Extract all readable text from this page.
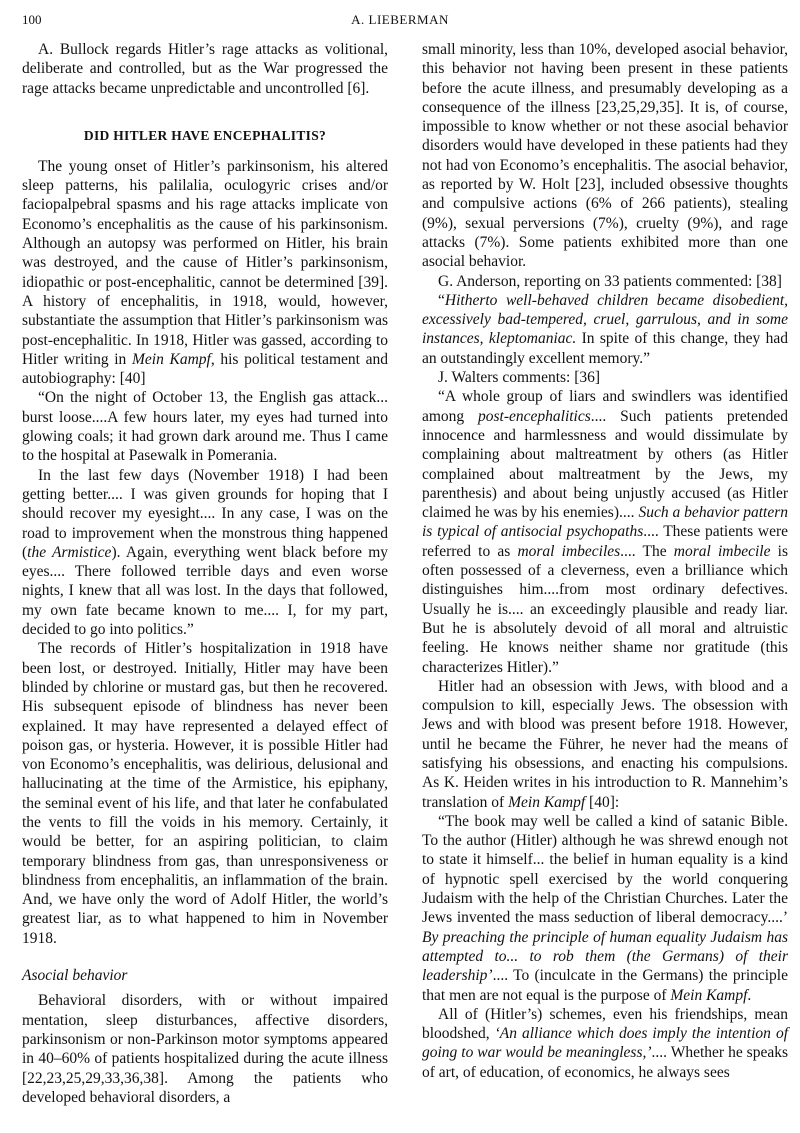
100	A. LIEBERMAN

A. Bullock regards Hitler’s rage attacks as volitional, deliberate and controlled, but as the War progressed the rage attacks became unpredictable and uncontrolled [6].

DID HITLER HAVE ENCEPHALITIS?

The young onset of Hitler’s parkinsonism, his altered sleep patterns, his palilalia, oculogyric crises and/or faciopalpebral spasms and his rage attacks implicate von Economo’s encephalitis as the cause of his parkinsonism. Although an autopsy was performed on Hitler, his brain was destroyed, and the cause of Hitler’s parkinsonism, idiopathic or post-encephalitic, cannot be determined [39]. A history of encephalitis, in 1918, would, however, substantiate the assumption that Hitler’s parkinsonism was post-encephalitic. In 1918, Hitler was gassed, according to Hitler writing in Mein Kampf, his political testament and autobiography: [40]

“On the night of October 13, the English gas attack... burst loose....A few hours later, my eyes had turned into glowing coals; it had grown dark around me. Thus I came to the hospital at Pasewalk in Pomerania.

In the last few days (November 1918) I had been getting better.... I was given grounds for hoping that I should recover my eyesight.... In any case, I was on the road to improvement when the monstrous thing happened (the Armistice). Again, everything went black before my eyes.... There followed terrible days and even worse nights, I knew that all was lost. In the days that followed, my own fate became known to me.... I, for my part, decided to go into politics.”

The records of Hitler’s hospitalization in 1918 have been lost, or destroyed. Initially, Hitler may have been blinded by chlorine or mustard gas, but then he recovered. His subsequent episode of blindness has never been explained. It may have represented a delayed effect of poison gas, or hysteria. However, it is possible Hitler had von Economo’s encephalitis, was delirious, delusional and hallucinating at the time of the Armistice, his epiphany, the seminal event of his life, and that later he confabulated the vents to fill the voids in his memory. Certainly, it would be better, for an aspiring politician, to claim temporary blindness from gas, than unresponsiveness or blindness from encephalitis, an inflammation of the brain. And, we have only the word of Adolf Hitler, the world’s greatest liar, as to what happened to him in November 1918.

Asocial behavior

Behavioral disorders, with or without impaired mentation, sleep disturbances, affective disorders, parkinsonism or non-Parkinson motor symptoms appeared in 40–60% of patients hospitalized during the acute illness [22,23,25,29,33,36,38]. Among the patients who developed behavioral disorders, a

small minority, less than 10%, developed asocial behavior, this behavior not having been present in these patients before the acute illness, and presumably developing as a consequence of the illness [23,25,29,35]. It is, of course, impossible to know whether or not these asocial behavior disorders would have developed in these patients had they not had von Economo’s encephalitis. The asocial behavior, as reported by W. Holt [23], included obsessive thoughts and compulsive actions (6% of 266 patients), stealing (9%), sexual perversions (7%), cruelty (9%), and rage attacks (7%). Some patients exhibited more than one asocial behavior.

G. Anderson, reporting on 33 patients commented: [38]

“Hitherto well-behaved children became disobedient, excessively bad-tempered, cruel, garrulous, and in some instances, kleptomaniac. In spite of this change, they had an outstandingly excellent memory.”

J. Walters comments: [36]

“A whole group of liars and swindlers was identified among post-encephalitics.... Such patients pretended innocence and harmlessness and would dissimulate by complaining about maltreatment by others (as Hitler complained about maltreatment by the Jews, my parenthesis) and about being unjustly accused (as Hitler claimed he was by his enemies).... Such a behavior pattern is typical of antisocial psychopaths.... These patients were referred to as moral imbeciles.... The moral imbecile is often possessed of a cleverness, even a brilliance which distinguishes him....from most ordinary defectives. Usually he is.... an exceedingly plausible and ready liar. But he is absolutely devoid of all moral and altruistic feeling. He knows neither shame nor gratitude (this characterizes Hitler).”

Hitler had an obsession with Jews, with blood and a compulsion to kill, especially Jews. The obsession with Jews and with blood was present before 1918. However, until he became the Führer, he never had the means of satisfying his obsessions, and enacting his compulsions. As K. Heiden writes in his introduction to R. Mannehim’s translation of Mein Kampf [40]:

“The book may well be called a kind of satanic Bible. To the author (Hitler) although he was shrewd enough not to state it himself... the belief in human equality is a kind of hypnotic spell exercised by the world conquering Judaism with the help of the Christian Churches. Later the Jews invented the mass seduction of liberal democracy....’ By preaching the principle of human equality Judaism has attempted to... to rob them (the Germans) of their leadership’.... To (inculcate in the Germans) the principle that men are not equal is the purpose of Mein Kampf.

All of (Hitler’s) schemes, even his friendships, mean bloodshed, ‘An alliance which does imply the intention of going to war would be meaningless,’.... Whether he speaks of art, of education, of economics, he always sees
